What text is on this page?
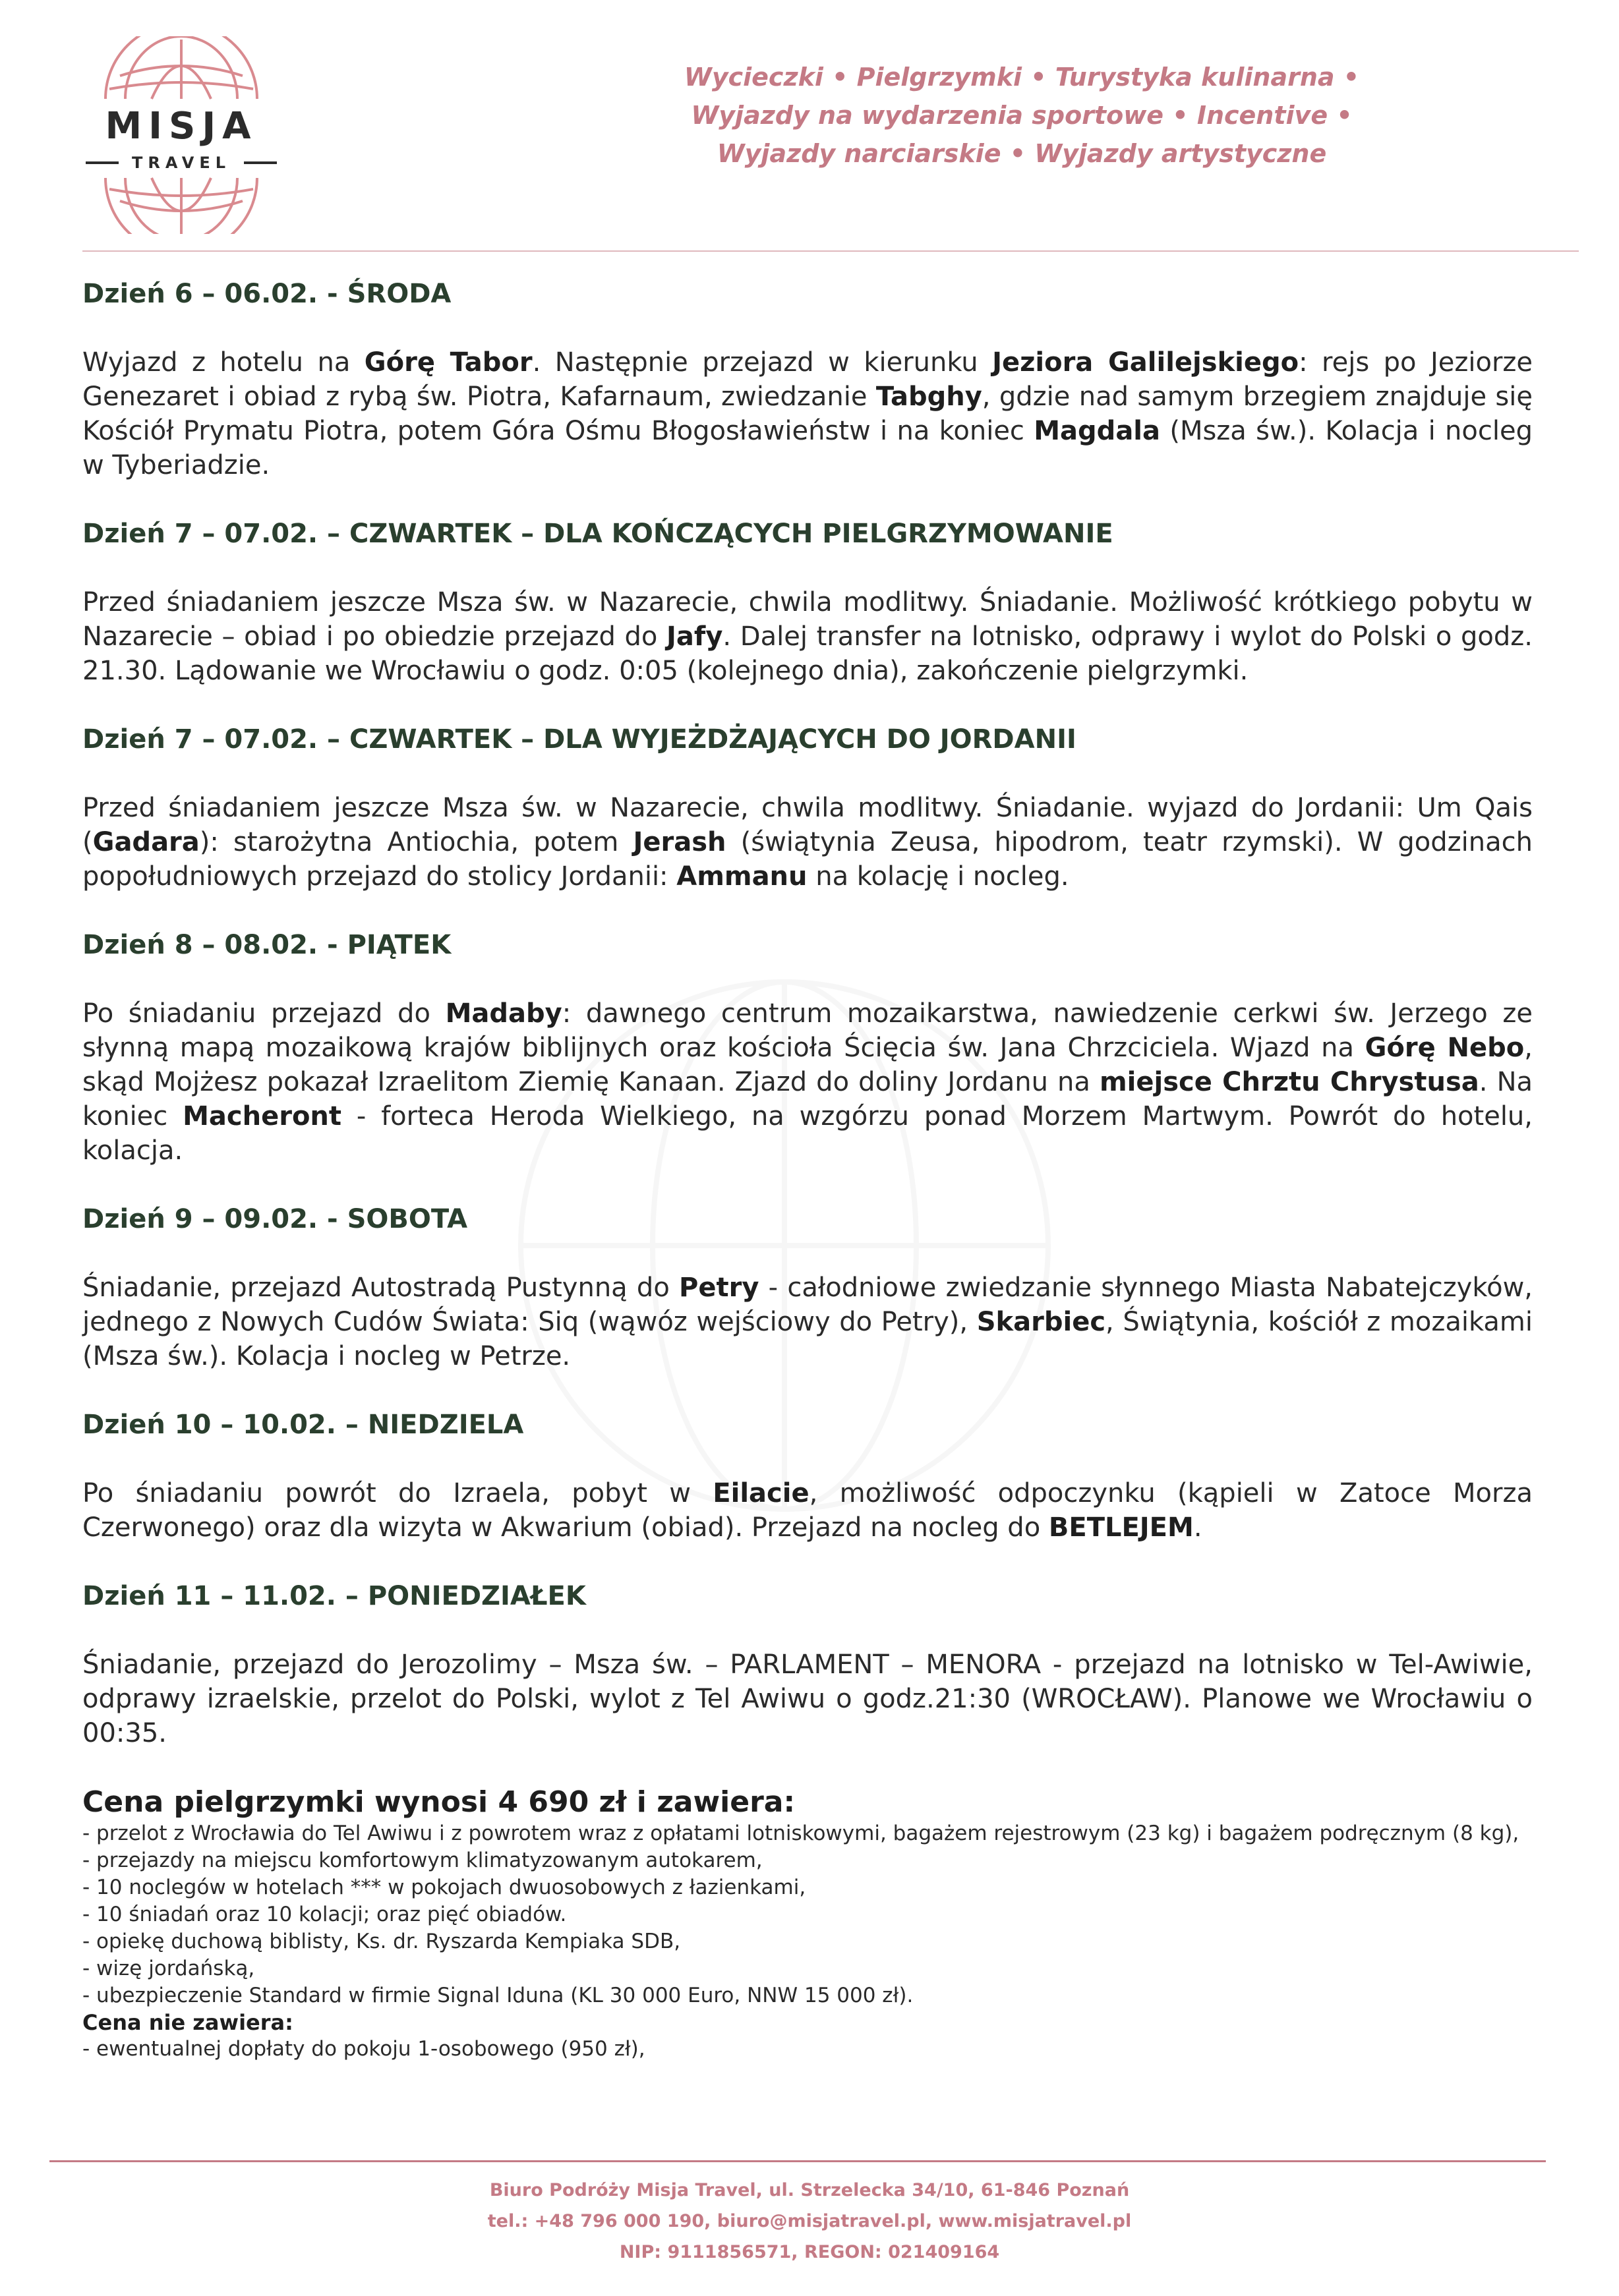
MISJA
TRAVEL
Wycieczki • Pielgrzymki • Turystyka kulinarna •
Wyjazdy na wydarzenia sportowe • Incentive •
Wyjazdy narciarskie • Wyjazdy artystyczne
Dzień 6 – 06.02. - ŚRODA
Wyjazd z hotelu na Górę Tabor. Następnie przejazd w kierunku Jeziora Galilejskiego: rejs po Jeziorze Genezaret i obiad z rybą św. Piotra, Kafarnaum, zwiedzanie Tabghy, gdzie nad samym brzegiem znajduje się Kościół Prymatu Piotra, potem Góra Ośmu Błogosławieństw i na koniec Magdala (Msza św.). Kolacja i nocleg w Tyberiadzie.
Dzień 7 – 07.02. – CZWARTEK – DLA KOŃCZĄCYCH PIELGRZYMOWANIE
Przed śniadaniem jeszcze Msza św. w Nazarecie, chwila modlitwy. Śniadanie. Możliwość krótkiego pobytu w Nazarecie – obiad i po obiedzie przejazd do Jafy. Dalej transfer na lotnisko, odprawy i wylot do Polski o godz. 21.30. Lądowanie we Wrocławiu o godz. 0:05 (kolejnego dnia), zakończenie pielgrzymki.
Dzień 7 – 07.02. – CZWARTEK – DLA WYJEŻDŻAJĄCYCH DO JORDANII
Przed śniadaniem jeszcze Msza św. w Nazarecie, chwila modlitwy. Śniadanie. wyjazd do Jordanii: Um Qais (Gadara): starożytna Antiochia, potem Jerash (świątynia Zeusa, hipodrom, teatr rzymski). W godzinach popołudniowych przejazd do stolicy Jordanii: Ammanu na kolację i nocleg.
Dzień 8 – 08.02. - PIĄTEK
Po śniadaniu przejazd do Madaby: dawnego centrum mozaikarstwa, nawiedzenie cerkwi św. Jerzego ze słynną mapą mozaikową krajów biblijnych oraz kościoła Ścięcia św. Jana Chrzciciela. Wjazd na Górę Nebo, skąd Mojżesz pokazał Izraelitom Ziemię Kanaan. Zjazd do doliny Jordanu na miejsce Chrztu Chrystusa. Na koniec Macheront - forteca Heroda Wielkiego, na wzgórzu ponad Morzem Martwym. Powrót do hotelu, kolacja.
Dzień 9 – 09.02. - SOBOTA
Śniadanie, przejazd Autostradą Pustynną do Petry - całodniowe zwiedzanie słynnego Miasta Nabatejczyków, jednego z Nowych Cudów Świata: Siq (wąwóz wejściowy do Petry), Skarbiec, Świątynia, kościół z mozaikami (Msza św.). Kolacja i nocleg w Petrze.
Dzień 10 – 10.02. – NIEDZIELA
Po śniadaniu powrót do Izraela, pobyt w Eilacie, możliwość odpoczynku (kąpieli w Zatoce Morza Czerwonego) oraz dla wizyta w Akwarium (obiad). Przejazd na nocleg do BETLEJEM.
Dzień 11 – 11.02. – PONIEDZIAŁEK
Śniadanie, przejazd do Jerozolimy – Msza św. – PARLAMENT – MENORA - przejazd na lotnisko w Tel-Awiwie, odprawy izraelskie, przelot do Polski, wylot z Tel Awiwu o godz.21:30 (WROCŁAW). Planowe we Wrocławiu o 00:35.
Cena pielgrzymki wynosi 4 690 zł i zawiera:
- przelot z Wrocławia do Tel Awiwu i z powrotem wraz z opłatami lotniskowymi, bagażem rejestrowym (23 kg) i bagażem podręcznym (8 kg),
- przejazdy na miejscu komfortowym klimatyzowanym autokarem,
- 10 noclegów w hotelach *** w pokojach dwuosobowych z łazienkami,
- 10 śniadań oraz 10 kolacji; oraz pięć obiadów.
- opiekę duchową biblisty, Ks. dr. Ryszarda Kempiaka SDB,
- wizę jordańską,
- ubezpieczenie Standard w firmie Signal Iduna (KL 30 000 Euro, NNW 15 000 zł).
Cena nie zawiera:
- ewentualnej dopłaty do pokoju 1-osobowego (950 zł),
Biuro Podróży Misja Travel, ul. Strzelecka 34/10, 61-846 Poznań
tel.: +48 796 000 190, biuro@misjatravel.pl, www.misjatravel.pl
NIP: 9111856571, REGON: 021409164
